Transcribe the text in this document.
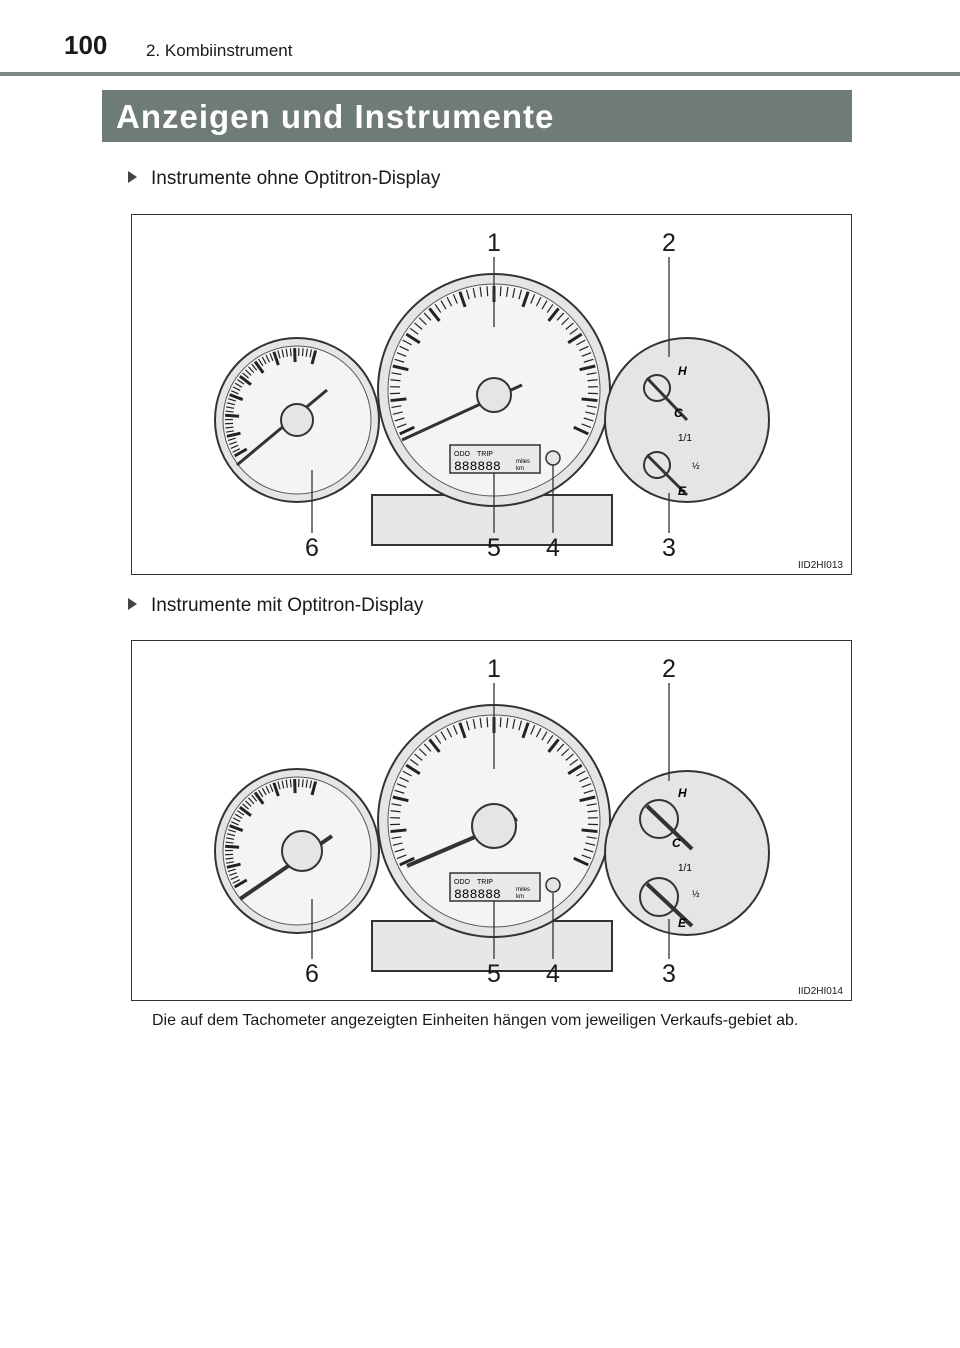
100 2. Kombiinstrument
Anzeigen und Instrumente
Instrumente ohne Optitron-Display
ODO TRIP
888888	miles
km
H
C
1/1
½
E
1	2
3
4
5
6
IID2HI013
Instrumente mit Optitron-Display
ODO TRIP
888888	miles
km
H
C
1/1
½
E
1	2
3
4
5
6
IID2HI014
Die auf dem Tachometer angezeigten Einheiten hängen vom jeweiligen Verkaufs-gebiet ab.
